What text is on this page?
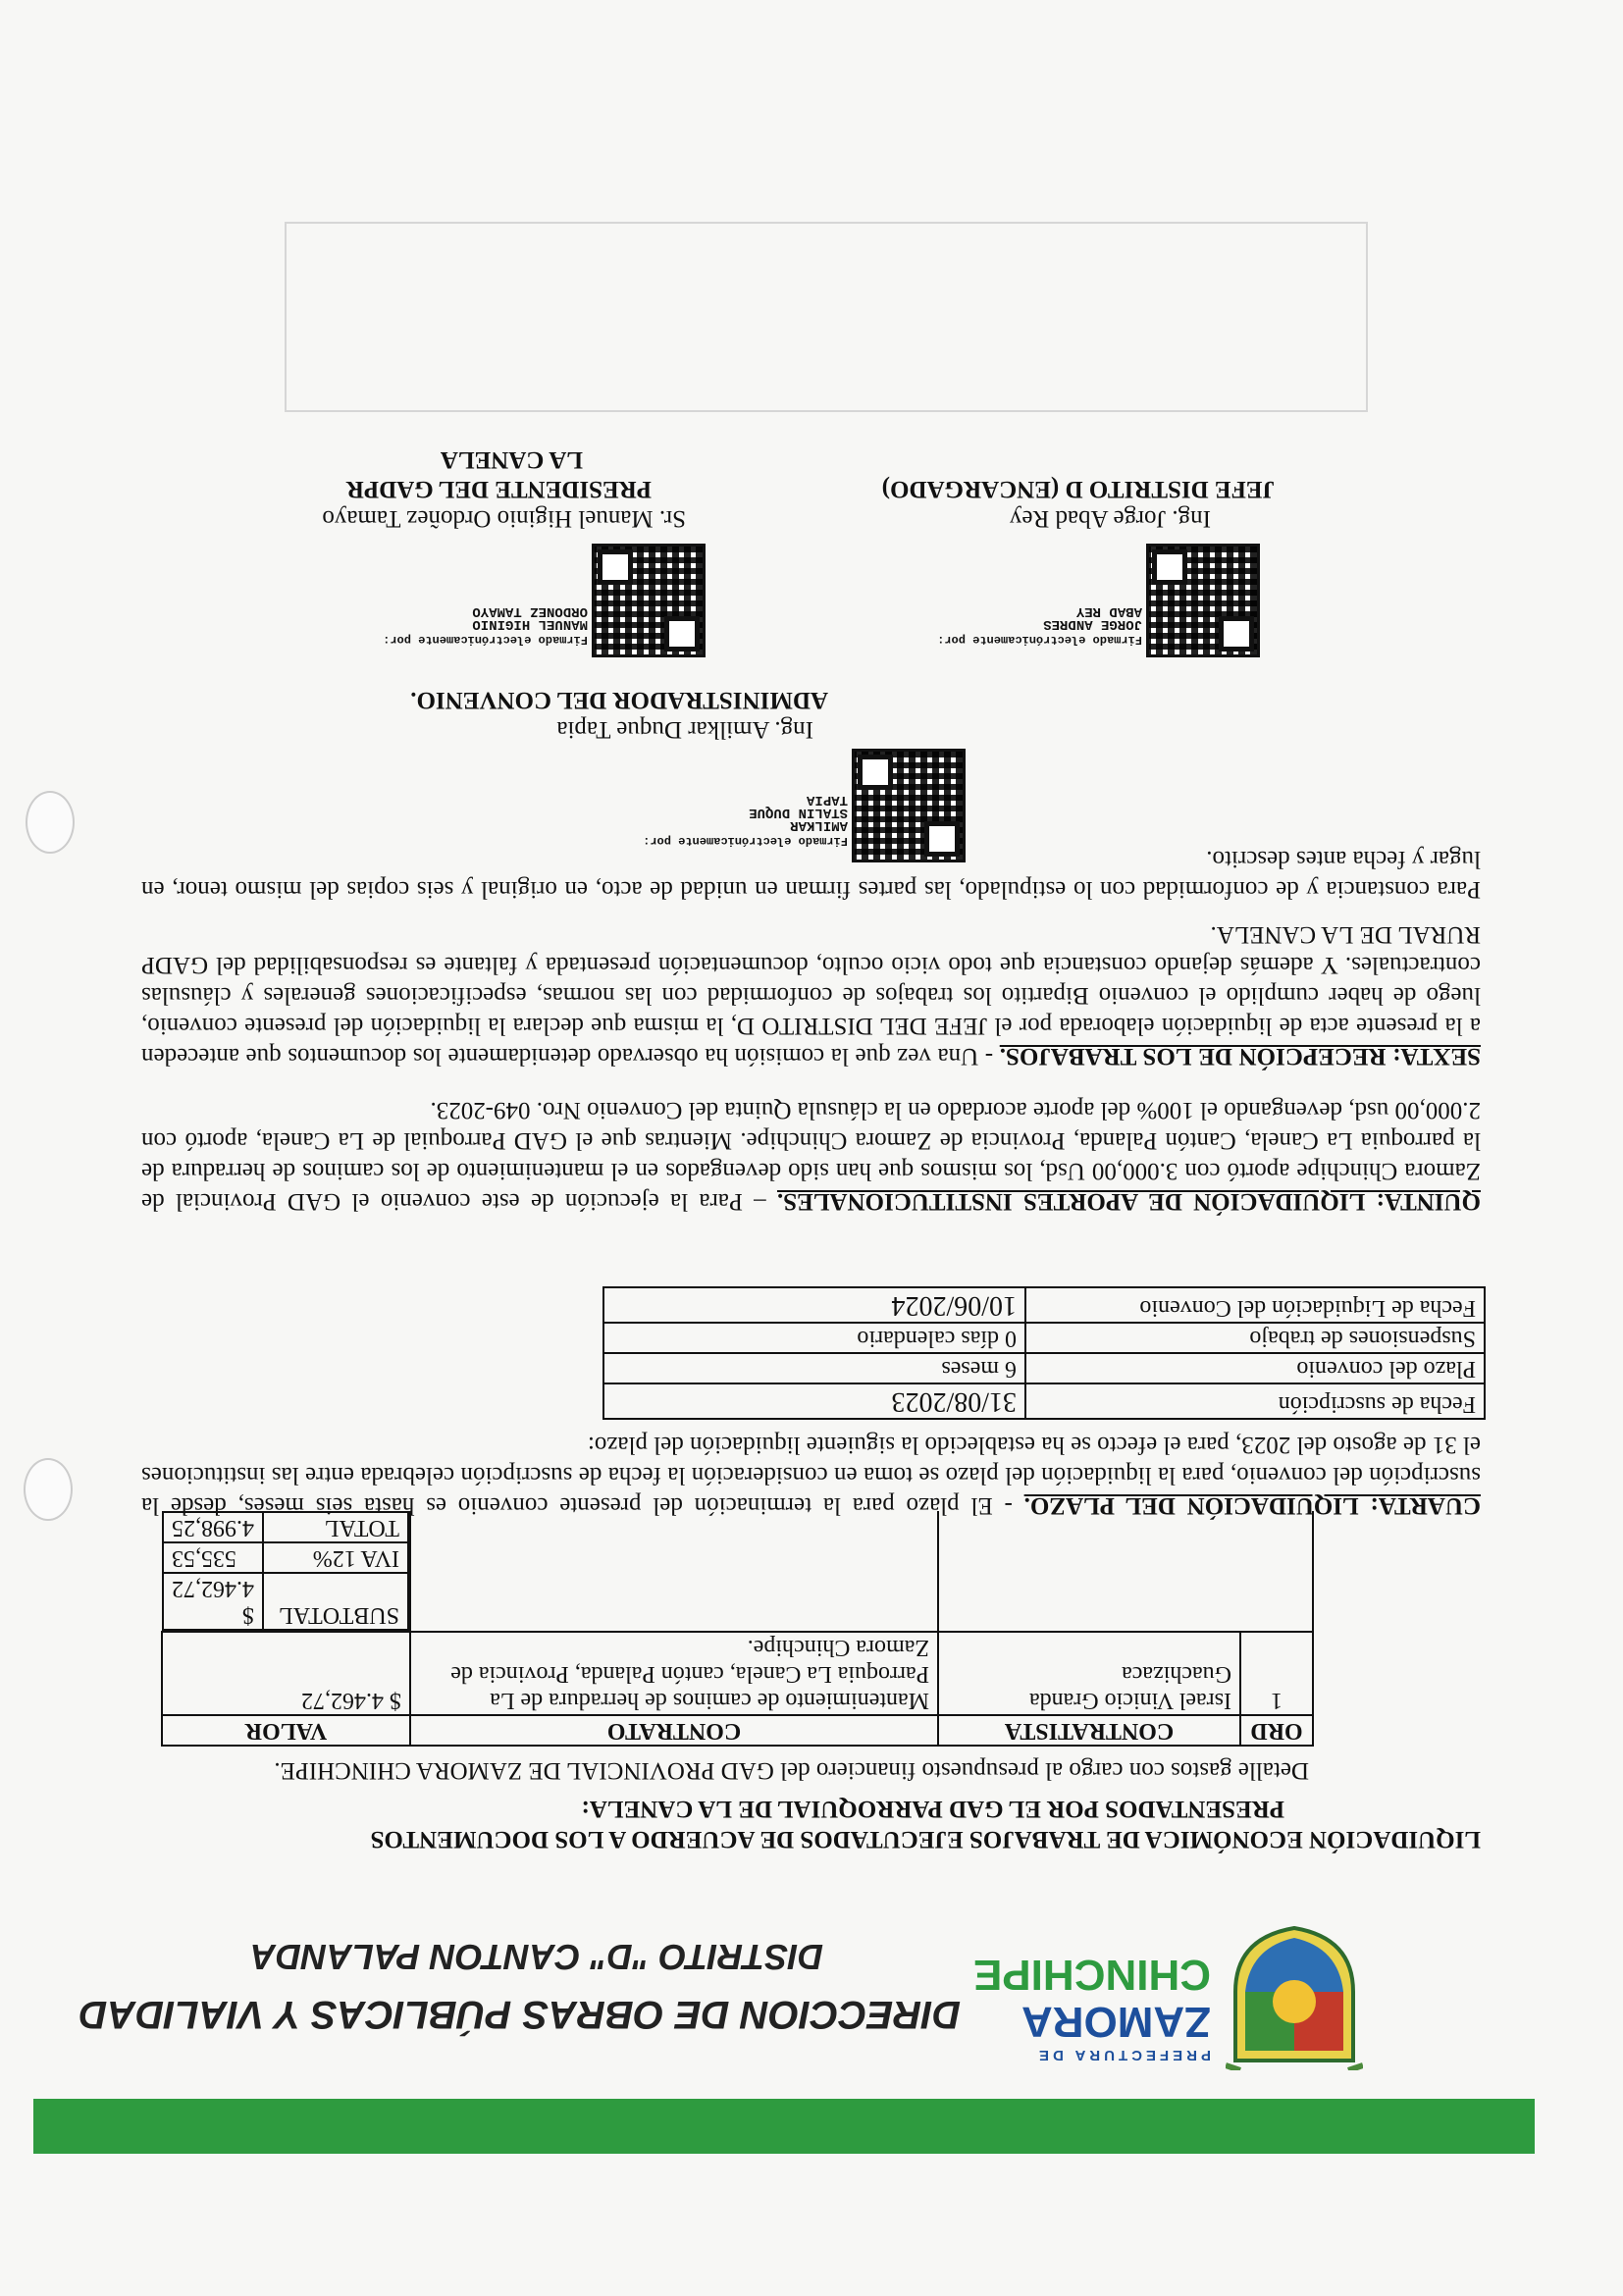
PREFECTURA DE
ZAMORA
CHINCHIPE
DIRECCION DE OBRAS PÚBLICAS Y VIALIDAD
DISTRITO "D" CANTON PALANDA
LIQUIDACIÓN ECONÓMICA DE TRABAJOS EJECUTADOS DE ACUERDO A LOS DOCUMENTOS
PRESENTADOS POR EL GAD PARROQUIAL DE LA CANELA:
Detalle gastos con cargo al presupuesto financiero del GAD PROVINCIAL DE ZAMORA CHINCHIPE.
ORD	CONTRATISTA	CONTRATO	VALOR
1	Israel Vinicio Granda Guachizaca	Mantenimiento de caminos de herradura de La Parroquia La Canela, cantón Palanda, Provincia de Zamora Chinchipe.	$ 4.462,72

SUBTOTAL	$ 4.462,72
IVA 12%	535,53
TOTAL	4.998,25

CUARTA: LIQUIDACIÓN DEL PLAZO. - El plazo para la terminación del presente convenio es hasta seis meses, desde la suscripción del convenio, para la liquidación del plazo se toma en consideración la fecha de suscripción celebrada entre las instituciones el 31 de agosto del 2023, para el efecto se ha establecido la siguiente liquidación del plazo:

Fecha de suscripción	31/08/2023
Plazo del convenio	6 meses
Suspensiones de trabajo	0 días calendario
Fecha de Liquidación del Convenio	10/06/2024

QUINTA: LIQUIDACIÓN DE APORTES INSTITUCIONALES. – Para la ejecución de este convenio el GAD Provincial de Zamora Chinchipe aportó con 3.000,00 Usd, los mismos que han sido devengados en el mantenimiento de los caminos de herradura de la parroquia La Canela, Cantón Palanda, Provincia de Zamora Chinchipe. Mientras que el GAD Parroquial de La Canela, aportó con 2.000,00 usd, devengando el 100% del aporte acordado en la cláusula Quinta del Convenio Nro. 049-2023.

SEXTA: RECEPCIÓN DE LOS TRABAJOS. - Una vez que la comisión ha observado detenidamente los documentos que anteceden a la presente acta de liquidación elaborada por el JEFE DEL DISTRITO D, la misma que declara la liquidación del presente convenio, luego de haber cumplido el convenio Bipartito los trabajos de conformidad con las normas, especificaciones generales y cláusulas contractuales. Y además dejando constancia que todo vicio oculto, documentación presentada y faltante es responsabilidad del GADP RURAL DE LA CANELA.

Para constancia y de conformidad con lo estipulado, las partes firman en unidad de acto, en original y seis copias del mismo tenor, en lugar y fecha antes descrito.

Firmado electrónicamente por:
AMILKAR STALIN DUQUE TAPIA
Ing. Amilkar Duque Tapia
ADMINISTRADOR DEL CONVENIO.
Firmado electrónicamente por:
JORGE ANDRES ABAD REY
Ing. Jorge Abad Rey
JEFE DISTRITO D (ENCARGADO)
Firmado electrónicamente por:
MANUEL HIGINIO ORDONEZ TAMAYO
Sr. Manuel Higinio Ordoñez Tamayo
PRESIDENTE DEL GADPR
LA CANELA
